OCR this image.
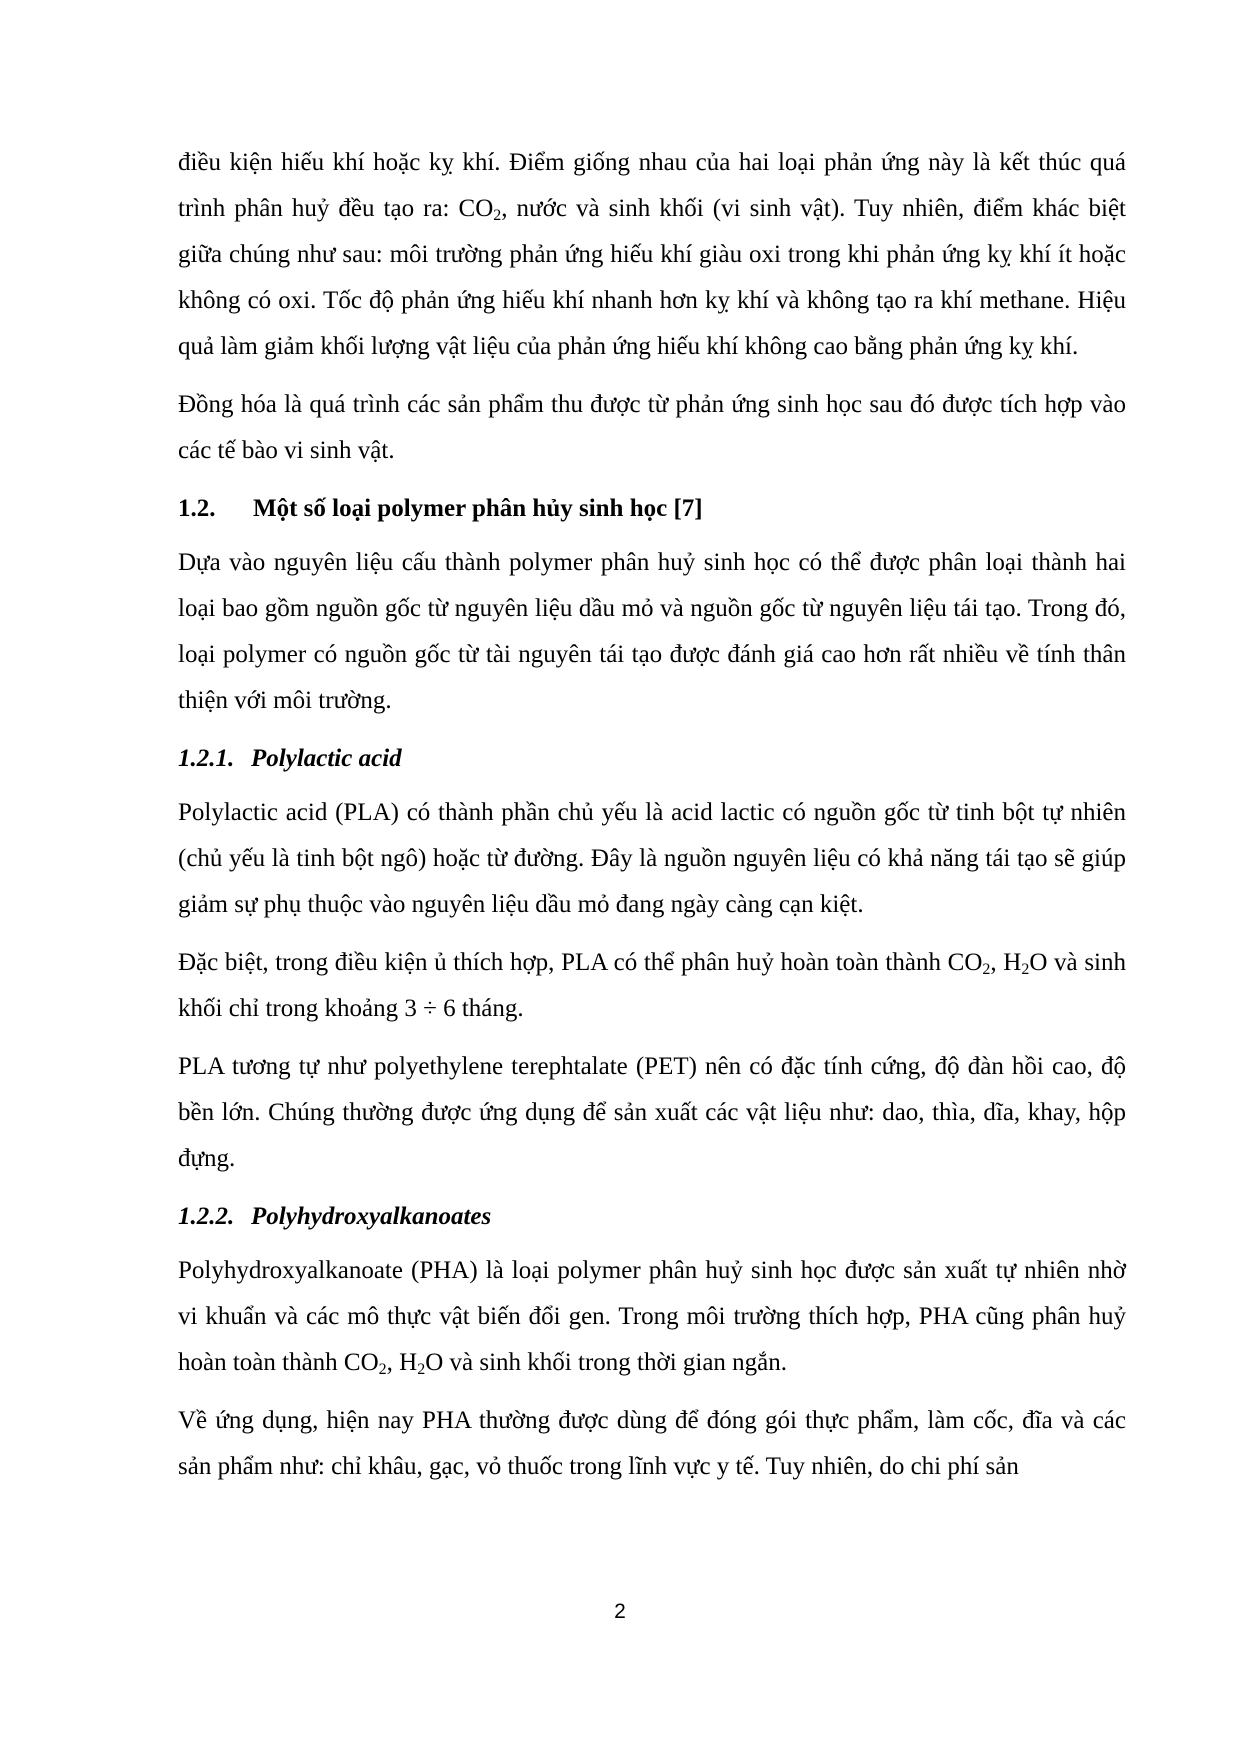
điều kiện hiếu khí hoặc kỵ khí. Điểm giống nhau của hai loại phản ứng này là kết thúc quá trình phân huỷ đều tạo ra: $CO_2$, nước và sinh khối (vi sinh vật). Tuy nhiên, điểm khác biệt giữa chúng như sau: môi trường phản ứng hiếu khí giàu oxi trong khi phản ứng kỵ khí ít hoặc không có oxi. Tốc độ phản ứng hiếu khí nhanh hơn kỵ khí và không tạo ra khí methane. Hiệu quả làm giảm khối lượng vật liệu của phản ứng hiếu khí không cao bằng phản ứng kỵ khí.

Đồng hóa là quá trình các sản phẩm thu được từ phản ứng sinh học sau đó được tích hợp vào các tế bào vi sinh vật.

1.2. Một số loại polymer phân hủy sinh học [7]

Dựa vào nguyên liệu cấu thành polymer phân huỷ sinh học có thể được phân loại thành hai loại bao gồm nguồn gốc từ nguyên liệu dầu mỏ và nguồn gốc từ nguyên liệu tái tạo. Trong đó, loại polymer có nguồn gốc từ tài nguyên tái tạo được đánh giá cao hơn rất nhiều về tính thân thiện với môi trường.

1.2.1. Polylactic acid

Polylactic acid (PLA) có thành phần chủ yếu là acid lactic có nguồn gốc từ tinh bột tự nhiên (chủ yếu là tinh bột ngô) hoặc từ đường. Đây là nguồn nguyên liệu có khả năng tái tạo sẽ giúp giảm sự phụ thuộc vào nguyên liệu dầu mỏ đang ngày càng cạn kiệt.

Đặc biệt, trong điều kiện ủ thích hợp, PLA có thể phân huỷ hoàn toàn thành $CO_2$, $H_2O$ và sinh khối chỉ trong khoảng 3 ÷ 6 tháng.

PLA tương tự như polyethylene terephtalate (PET) nên có đặc tính cứng, độ đàn hồi cao, độ bền lớn. Chúng thường được ứng dụng để sản xuất các vật liệu như: dao, thìa, dĩa, khay, hộp đựng.

1.2.2. Polyhydroxyalkanoates

Polyhydroxyalkanoate (PHA) là loại polymer phân huỷ sinh học được sản xuất tự nhiên nhờ vi khuẩn và các mô thực vật biến đổi gen. Trong môi trường thích hợp, PHA cũng phân huỷ hoàn toàn thành $CO_2$, $H_2O$ và sinh khối trong thời gian ngắn.

Về ứng dụng, hiện nay PHA thường được dùng để đóng gói thực phẩm, làm cốc, đĩa và các sản phẩm như: chỉ khâu, gạc, vỏ thuốc trong lĩnh vực y tế. Tuy nhiên, do chi phí sản

2
